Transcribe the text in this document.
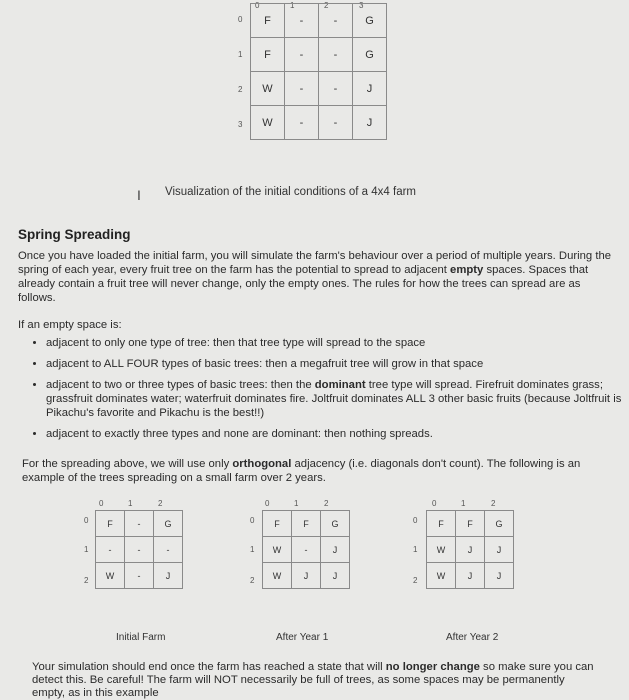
0	1	2	3
0
1
2
3
F	-	-	G
F	-	-	G
W	-	-	J
W	-	-	J
I Visualization of the initial conditions of a 4x4 farm
Spring Spreading
Once you have loaded the initial farm, you will simulate the farm's behaviour over a period of multiple years. During the spring of each year, every fruit tree on the farm has the potential to spread to adjacent empty spaces. Spaces that already contain a fruit tree will never change, only the empty ones. The rules for how the trees can spread are as follows.
If an empty space is:
• adjacent to only one type of tree: then that tree type will spread to the space
• adjacent to ALL FOUR types of basic trees: then a megafruit tree will grow in that space
• adjacent to two or three types of basic trees: then the dominant tree type will spread. Firefruit dominates grass; grassfruit dominates water; waterfruit dominates fire. Joltfruit dominates ALL 3 other basic fruits (because Joltfruit is Pikachu's favorite and Pikachu is the best!!)
• adjacent to exactly three types and none are dominant: then nothing spreads.
For the spreading above, we will use only orthogonal adjacency (i.e. diagonals don't count). The following is an example of the trees spreading on a small farm over 2 years.
0	1	2
0
1
2
F	-	G
-	-	-
W	-	J
0	1	2
0
1
2
F	F	G
W	-	J
W	J	J
0	1	2
0
1
2
F	F	G
W	J	J
W	J	J
Initial Farm	After Year 1	After Year 2
Your simulation should end once the farm has reached a state that will no longer change so make sure you can detect this. Be careful! The farm will NOT necessarily be full of trees, as some spaces may be permanently empty, as in this example
